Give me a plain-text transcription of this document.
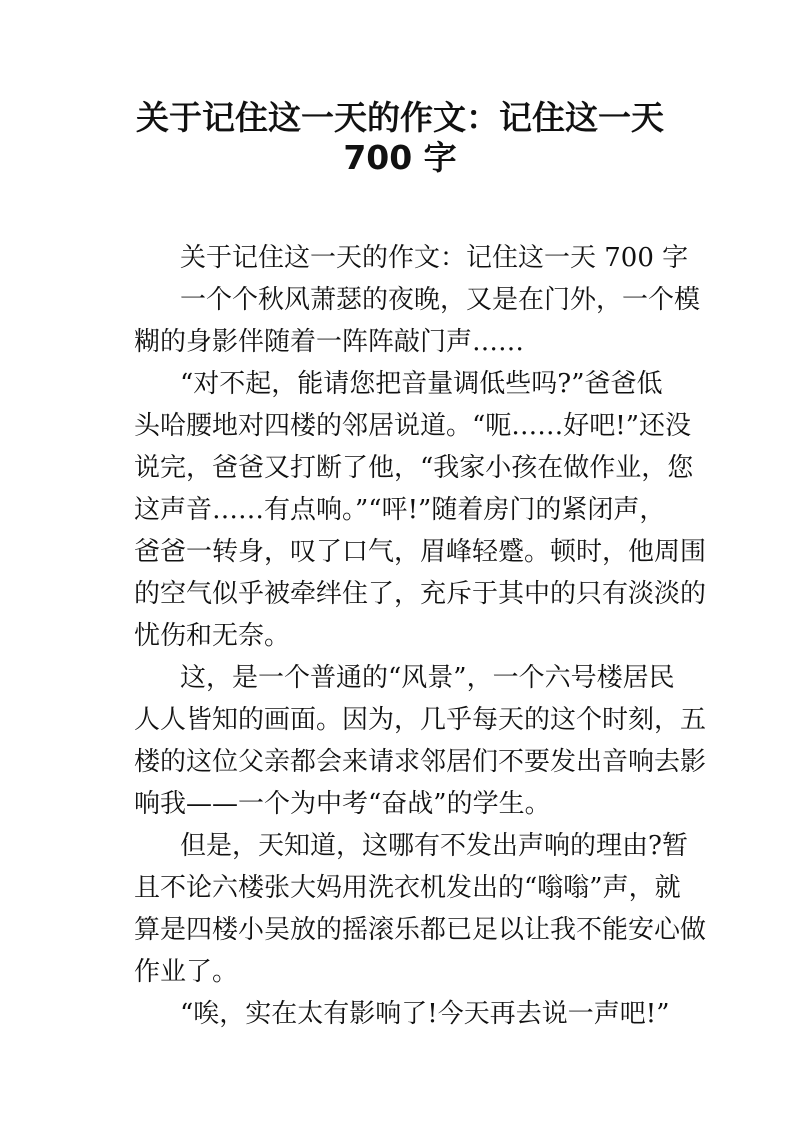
关于记住这一天的作文：记住这一天
700 字
关于记住这一天的作文：记住这一天 700 字
一个个秋风萧瑟的夜晚，又是在门外，一个模
糊的身影伴随着一阵阵敲门声……
“对不起，能请您把音量调低些吗?”爸爸低
头哈腰地对四楼的邻居说道。“呃……好吧!”还没
说完，爸爸又打断了他，“我家小孩在做作业，您
这声音……有点响。”“呯!”随着房门的紧闭声，
爸爸一转身，叹了口气，眉峰轻蹙。顿时，他周围
的空气似乎被牵绊住了，充斥于其中的只有淡淡的
忧伤和无奈。
这，是一个普通的“风景”，一个六号楼居民
人人皆知的画面。因为，几乎每天的这个时刻，五
楼的这位父亲都会来请求邻居们不要发出音响去影
响我——一个为中考“奋战”的学生。
但是，天知道，这哪有不发出声响的理由?暂
且不论六楼张大妈用洗衣机发出的“嗡嗡”声，就
算是四楼小吴放的摇滚乐都已足以让我不能安心做
作业了。
“唉，实在太有影响了!今天再去说一声吧!”
